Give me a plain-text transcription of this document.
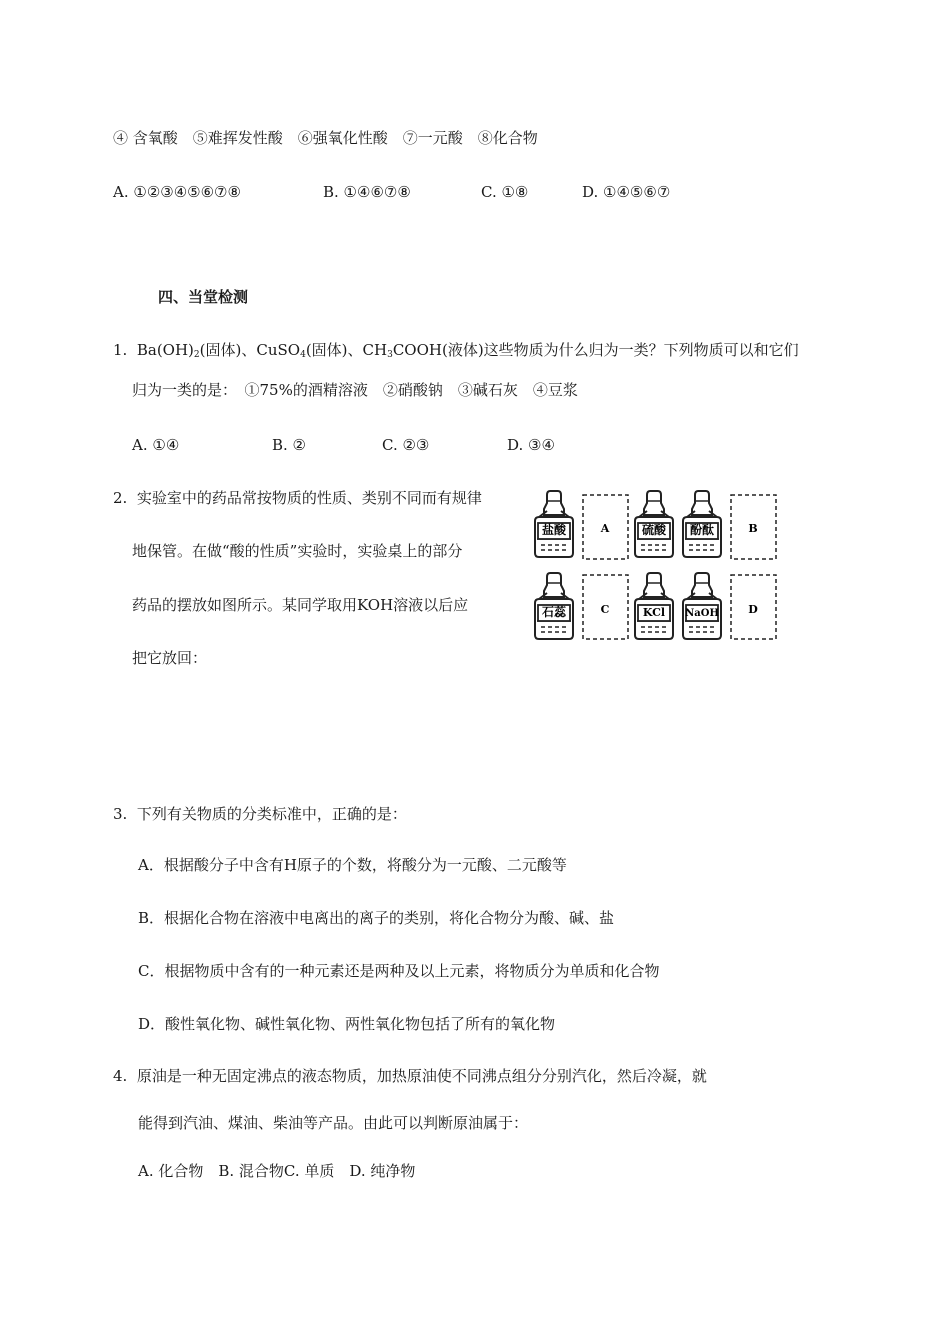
④ 含氧酸　⑤难挥发性酸　⑥强氧化性酸　⑦一元酸　⑧化合物
A. ①②③④⑤⑥⑦⑧	B. ①④⑥⑦⑧	C. ①⑧	D. ①④⑤⑥⑦
四、当堂检测
1. $Ba(OH)_2$(固体)、CuSO$_4$(固体)、$CH_3COOH$(液体)这些物质为什么归为一类？下列物质可以和它们
归为一类的是：　①75%的酒精溶液　②硝酸钠　③碱石灰　④豆浆
A. ①④	B. ②	C. ②③	D. ③④
2. 实验室中的药品常按物质的性质、类别不同而有规律
地保管。在做“酸的性质”实验时，实验桌上的部分
药品的摆放如图所示。某同学取用KOH溶液以后应
把它放回：
盐酸	A	硫酸 酚酞	B
石蕊	C	KCl NaOH	D
3. 下列有关物质的分类标准中，正确的是：
A．根据酸分子中含有H原子的个数，将酸分为一元酸、二元酸等
B．根据化合物在溶液中电离出的离子的类别，将化合物分为酸、碱、盐
C．根据物质中含有的一种元素还是两种及以上元素，将物质分为单质和化合物
D．酸性氧化物、碱性氧化物、两性氧化物包括了所有的氧化物
4. 原油是一种无固定沸点的液态物质，加热原油使不同沸点组分分别汽化，然后冷凝，就
能得到汽油、煤油、柴油等产品。由此可以判断原油属于：
A. 化合物　B. 混合物C. 单质　D. 纯净物
